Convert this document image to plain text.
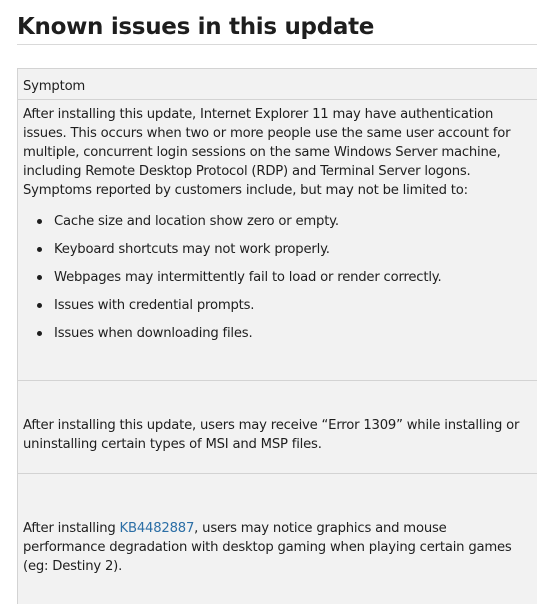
Known issues in this update
Symptom

After installing this update, Internet Explorer 11 may have authentication issues. This occurs when two or more people use the same user account for multiple, concurrent login sessions on the same Windows Server machine, including Remote Desktop Protocol (RDP) and Terminal Server logons. Symptoms reported by customers include, but may not be limited to:

Cache size and location show zero or empty.
Keyboard shortcuts may not work properly.
Webpages may intermittently fail to load or render correctly.
Issues with credential prompts.
Issues when downloading files.

After installing this update, users may receive “Error 1309” while installing or uninstalling certain types of MSI and MSP files.

After installing KB4482887, users may notice graphics and mouse performance degradation with desktop gaming when playing certain games (eg: Destiny 2).
